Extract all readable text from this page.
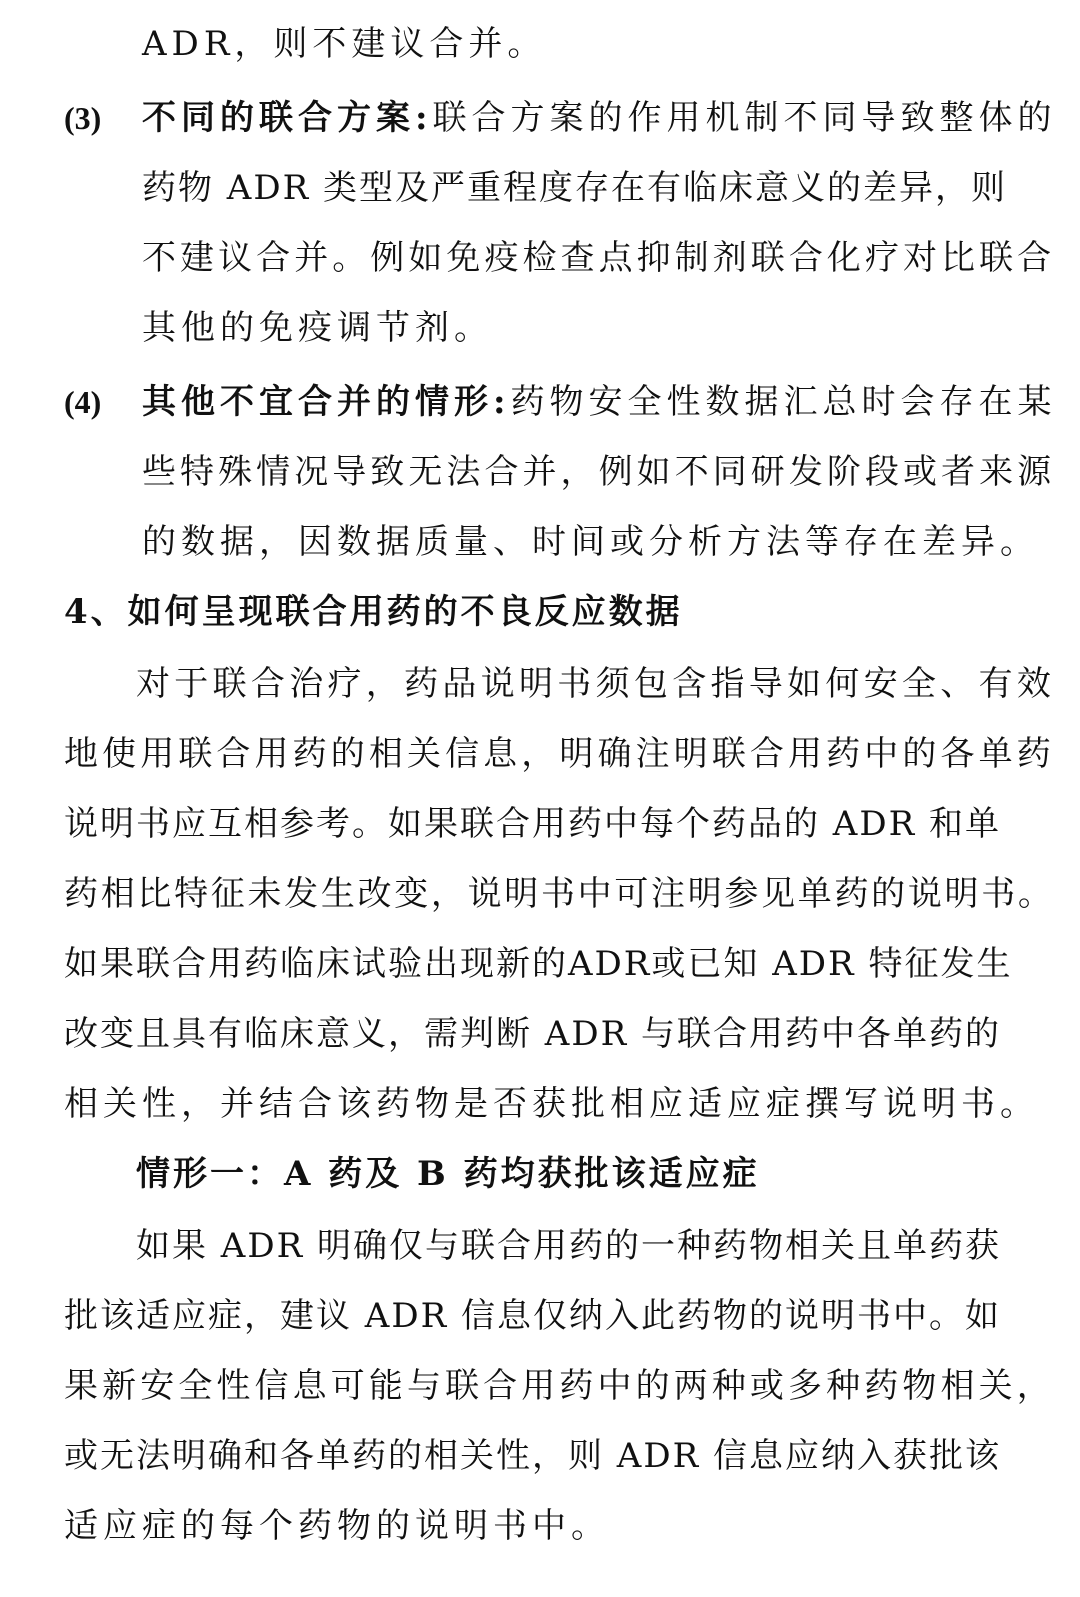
ADR，则不建议合并。
(3) 不同的联合方案:联合方案的作用机制不同导致整体的
药物 ADR 类型及严重程度存在有临床意义的差异，则
不建议合并。例如免疫检查点抑制剂联合化疗对比联合
其他的免疫调节剂。
(4) 其他不宜合并的情形:药物安全性数据汇总时会存在某
些特殊情况导致无法合并，例如不同研发阶段或者来源
的数据，因数据质量、时间或分析方法等存在差异。
4、如何呈现联合用药的不良反应数据
对于联合治疗，药品说明书须包含指导如何安全、有效
地使用联合用药的相关信息，明确注明联合用药中的各单药
说明书应互相参考。如果联合用药中每个药品的 ADR 和单
药相比特征未发生改变，说明书中可注明参见单药的说明书。
如果联合用药临床试验出现新的ADR或已知 ADR 特征发生
改变且具有临床意义，需判断 ADR 与联合用药中各单药的
相关性，并结合该药物是否获批相应适应症撰写说明书。
情形一：A 药及 B 药均获批该适应症
如果 ADR 明确仅与联合用药的一种药物相关且单药获
批该适应症，建议 ADR 信息仅纳入此药物的说明书中。如
果新安全性信息可能与联合用药中的两种或多种药物相关，
或无法明确和各单药的相关性，则 ADR 信息应纳入获批该
适应症的每个药物的说明书中。
